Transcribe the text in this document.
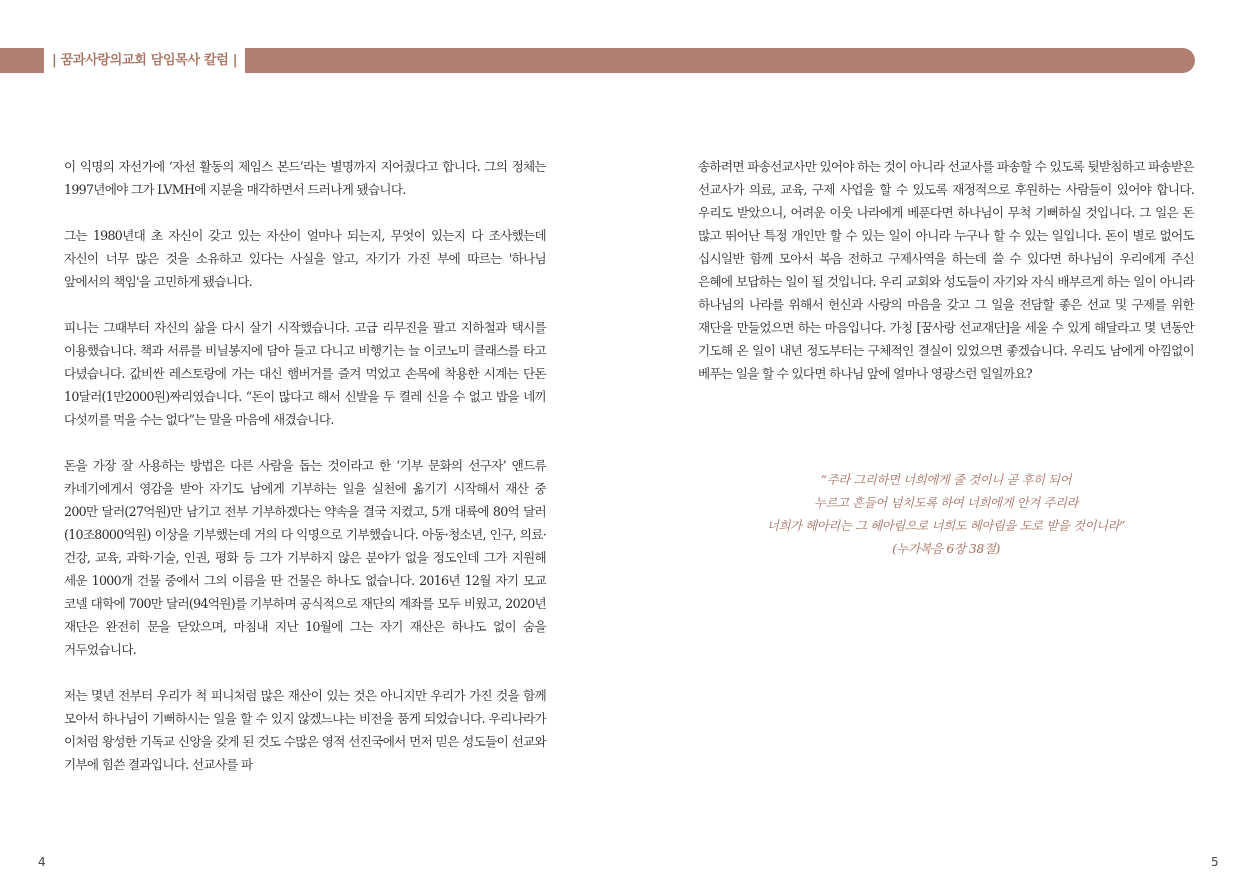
| 꿈과사랑의교회 담임목사 칼럼 |

이 익명의 자선가에 ‘자선 활동의 제임스 본드’라는 별명까지 지어줬다고 합니다. 그의 정체는 1997년에야 그가 LVMH에 지분을 매각하면서 드러나게 됐습니다.

그는 1980년대 초 자신이 갖고 있는 자산이 얼마나 되는지, 무엇이 있는지 다 조사했는데 자신이 너무 많은 것을 소유하고 있다는 사실을 알고, 자기가 가진 부에 따르는 '하나님 앞에서의 책임'을 고민하게 됐습니다.

피니는 그때부터 자신의 삶을 다시 살기 시작했습니다. 고급 리무진을 팔고 지하철과 택시를 이용했습니다. 책과 서류를 비닐봉지에 담아 들고 다니고 비행기는 늘 이코노미 클래스를 타고 다녔습니다. 값비싼 레스토랑에 가는 대신 햄버거를 즐겨 먹었고 손목에 착용한 시계는 단돈 10달러(1만2000원)짜리였습니다. “돈이 많다고 해서 신발을 두 켤레 신을 수 없고 밥을 네끼 다섯끼를 먹을 수는 없다”는 말을 마음에 새겼습니다.

돈을 가장 잘 사용하는 방법은 다른 사람을 돕는 것이라고 한 ‘기부 문화의 선구자’ 앤드류 카네기에게서 영감을 받아 자기도 남에게 기부하는 일을 실천에 옮기기 시작해서 재산 중 200만 달러(27억원)만 남기고 전부 기부하겠다는 약속을 결국 지켰고, 5개 대륙에 80억 달러(10조8000억원) 이상을 기부했는데 거의 다 익명으로 기부했습니다. 아동·청소년, 인구, 의료·건강, 교육, 과학·기술, 인권, 평화 등 그가 기부하지 않은 분야가 없을 정도인데 그가 지원해 세운 1000개 건물 중에서 그의 이름을 딴 건물은 하나도 없습니다. 2016년 12월 자기 모교 코넬 대학에 700만 달러(94억원)를 기부하며 공식적으로 재단의 계좌를 모두 비웠고, 2020년 재단은 완전히 문을 닫았으며, 마침내 지난 10월에 그는 자기 재산은 하나도 없이 숨을 거두었습니다.

저는 몇년 전부터 우리가 척 피니처럼 많은 재산이 있는 것은 아니지만 우리가 가진 것을 함께 모아서 하나님이 기뻐하시는 일을 할 수 있지 않겠느냐는 비전을 품게 되었습니다. 우리나라가 이처럼 왕성한 기독교 신앙을 갖게 된 것도 수많은 영적 선진국에서 먼저 믿은 성도들이 선교와 기부에 힘쓴 결과입니다. 선교사를 파

송하려면 파송선교사만 있어야 하는 것이 아니라 선교사를 파송할 수 있도록 뒷받침하고 파송받은 선교사가 의료, 교육, 구제 사업을 할 수 있도록 재정적으로 후원하는 사람들이 있어야 합니다. 우리도 받았으니, 어려운 이웃 나라에게 베푼다면 하나님이 무척 기뻐하실 것입니다. 그 일은 돈 많고 뛰어난 특정 개인만 할 수 있는 일이 아니라 누구나 할 수 있는 일입니다. 돈이 별로 없어도 십시일반 함께 모아서 복음 전하고 구제사역을 하는데 쓸 수 있다면 하나님이 우리에게 주신 은혜에 보답하는 일이 될 것입니다. 우리 교회와 성도들이 자기와 자식 배부르게 하는 일이 아니라 하나님의 나라를 위해서 헌신과 사랑의 마음을 갖고 그 일을 전담할 좋은 선교 및 구제를 위한 재단을 만들었으면 하는 마음입니다. 가칭 [꿈사랑 선교재단]을 세울 수 있게 해달라고 몇 년동안 기도해 온 일이 내년 정도부터는 구체적인 결실이 있었으면 좋겠습니다. 우리도 남에게 아낌없이 베푸는 일을 할 수 있다면 하나님 앞에 얼마나 영광스런 일일까요?

“주라 그리하면 너희에게 줄 것이니 곧 후히 되어
누르고 흔들어 넘치도록 하여 너희에게 안겨 주리라
너희가 헤아리는 그 헤아림으로 너희도 헤아림을 도로 받을 것이니라”
(누가복음 6장 38절)
4	5
